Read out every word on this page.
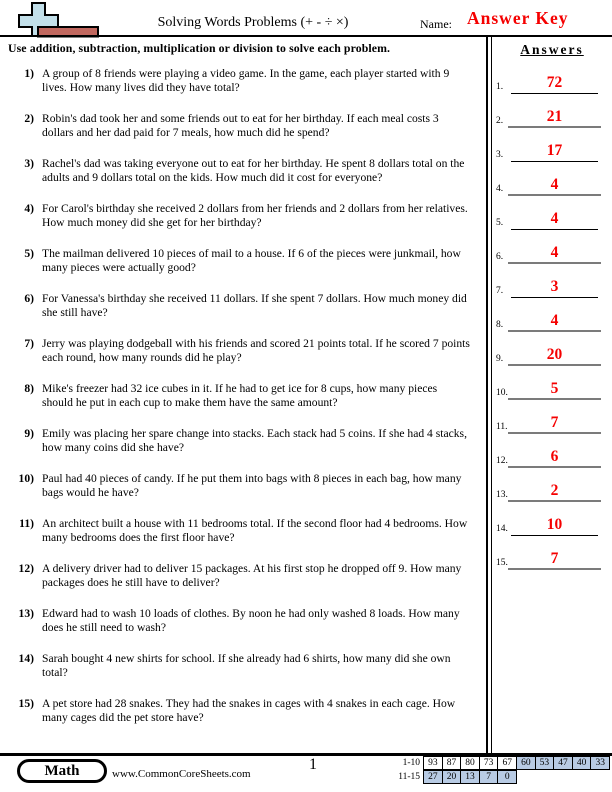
Solving Words Problems (+ - ÷ ×)	Name: Answer Key
Use addition, subtraction, multiplication or division to solve each problem.
1) A group of 8 friends were playing a video game. In the game, each player started with 9 lives. How many lives did they have total?
2) Robin's dad took her and some friends out to eat for her birthday. If each meal costs 3 dollars and her dad paid for 7 meals, how much did he spend?
3) Rachel's dad was taking everyone out to eat for her birthday. He spent 8 dollars total on the adults and 9 dollars total on the kids. How much did it cost for everyone?
4) For Carol's birthday she received 2 dollars from her friends and 2 dollars from her relatives. How much money did she get for her birthday?
5) The mailman delivered 10 pieces of mail to a house. If 6 of the pieces were junkmail, how many pieces were actually good?
6) For Vanessa's birthday she received 11 dollars. If she spent 7 dollars. How much money did she still have?
7) Jerry was playing dodgeball with his friends and scored 21 points total. If he scored 7 points each round, how many rounds did he play?
8) Mike's freezer had 32 ice cubes in it. If he had to get ice for 8 cups, how many pieces should he put in each cup to make them have the same amount?
9) Emily was placing her spare change into stacks. Each stack had 5 coins. If she had 4 stacks, how many coins did she have?
10) Paul had 40 pieces of candy. If he put them into bags with 8 pieces in each bag, how many bags would he have?
11) An architect built a house with 11 bedrooms total. If the second floor had 4 bedrooms. How many bedrooms does the first floor have?
12) A delivery driver had to deliver 15 packages. At his first stop he dropped off 9. How many packages does he still have to deliver?
13) Edward had to wash 10 loads of clothes. By noon he had only washed 8 loads. How many does he still need to wash?
14) Sarah bought 4 new shirts for school. If she already had 6 shirts, how many did she own total?
15) A pet store had 28 snakes. They had the snakes in cages with 4 snakes in each cage. How many cages did the pet store have?
Answers
1.	72
2.	21
3.	17
4.	4
5.	4
6.	4
7.	3
8.	4
9.	20
10.	5
11.	7
12.	6
13.	2
14.	10
15.	7
Math	www.CommonCoreSheets.com
1	1-10 93 87 80 73 67 60 53 47 40 33
11-15 27 20 13	7	0
